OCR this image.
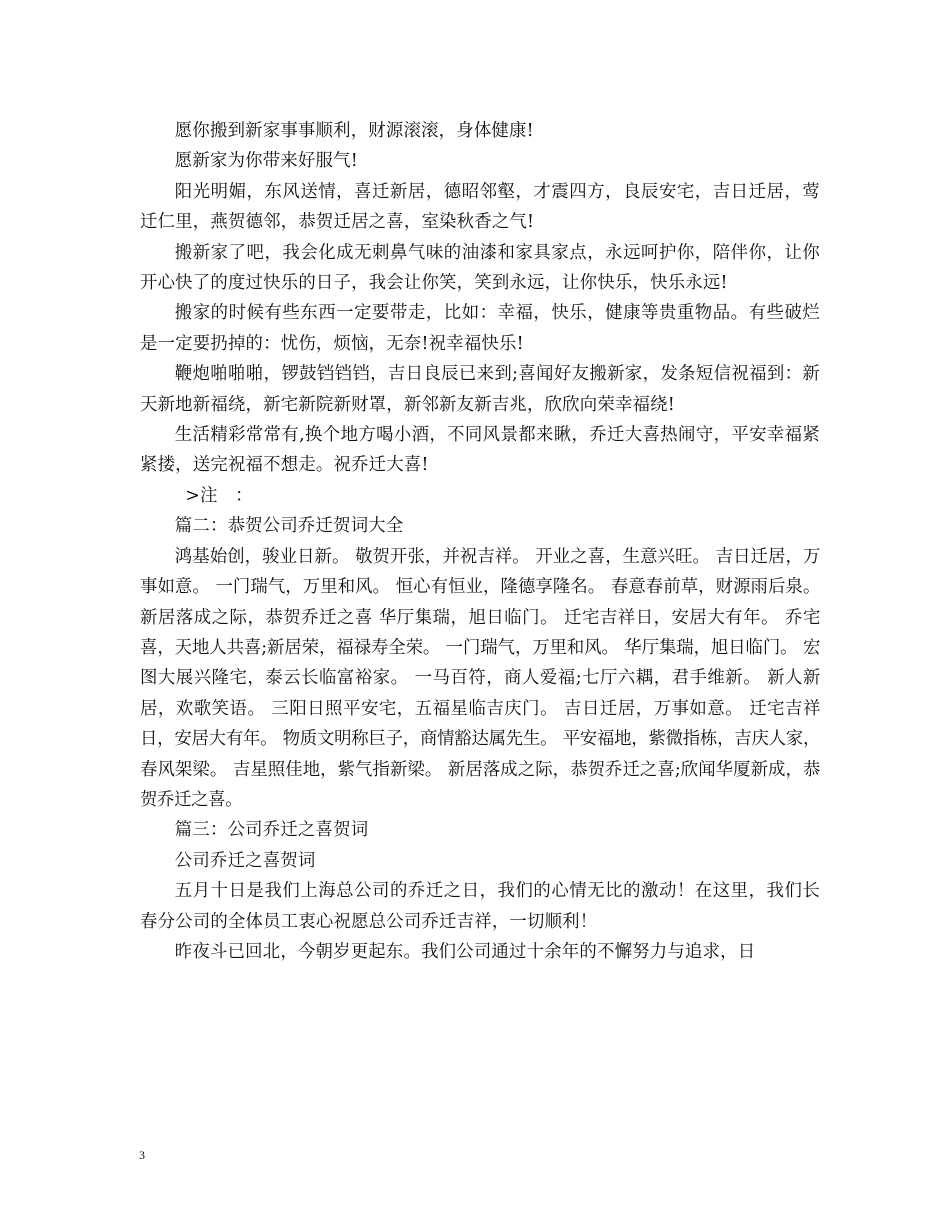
愿你搬到新家事事顺利，财源滚滚，身体健康!

愿新家为你带来好服气!

阳光明媚，东风送情，喜迁新居，德昭邻壑，才震四方，良辰安宅，吉日迁居，莺迁仁里，燕贺德邻，恭贺迁居之喜，室染秋香之气!

搬新家了吧，我会化成无刺鼻气味的油漆和家具家点，永远呵护你，陪伴你，让你开心快了的度过快乐的日子，我会让你笑，笑到永远，让你快乐，快乐永远!

搬家的时候有些东西一定要带走，比如：幸福，快乐，健康等贵重物品。有些破烂是一定要扔掉的：忧伤，烦恼，无奈!祝幸福快乐!

鞭炮啪啪啪，锣鼓铛铛铛，吉日良辰已来到;喜闻好友搬新家，发条短信祝福到：新天新地新福绕，新宅新院新财罩，新邻新友新吉兆，欣欣向荣幸福绕!

生活精彩常常有,换个地方喝小酒，不同风景都来瞅，乔迁大喜热闹守，平安幸福紧紧搂，送完祝福不想走。祝乔迁大喜!

>注　：

篇二：恭贺公司乔迁贺词大全

鸿基始创，骏业日新。 敬贺开张，并祝吉祥。 开业之喜，生意兴旺。 吉日迁居，万事如意。 一门瑞气，万里和风。 恒心有恒业，隆德享隆名。 春意春前草，财源雨后泉。 新居落成之际，恭贺乔迁之喜 华厅集瑞，旭日临门。 迁宅吉祥日，安居大有年。 乔宅喜，天地人共喜;新居荣，福禄寿全荣。 一门瑞气，万里和风。 华厅集瑞，旭日临门。 宏图大展兴隆宅，泰云长临富裕家。 一马百符，商人爱福;七厅六耦，君手维新。 新人新居，欢歌笑语。 三阳日照平安宅，五福星临吉庆门。 吉日迁居，万事如意。 迁宅吉祥日，安居大有年。 物质文明称巨子，商情豁达属先生。 平安福地，紫微指栋，吉庆人家，春风架梁。 吉星照佳地，紫气指新梁。 新居落成之际，恭贺乔迁之喜;欣闻华厦新成，恭贺乔迁之喜。

篇三：公司乔迁之喜贺词

公司乔迁之喜贺词

五月十日是我们上海总公司的乔迁之日，我们的心情无比的激动！在这里，我们长春分公司的全体员工衷心祝愿总公司乔迁吉祥，一切顺利！

昨夜斗已回北，今朝岁更起东。我们公司通过十余年的不懈努力与追求，日

3
